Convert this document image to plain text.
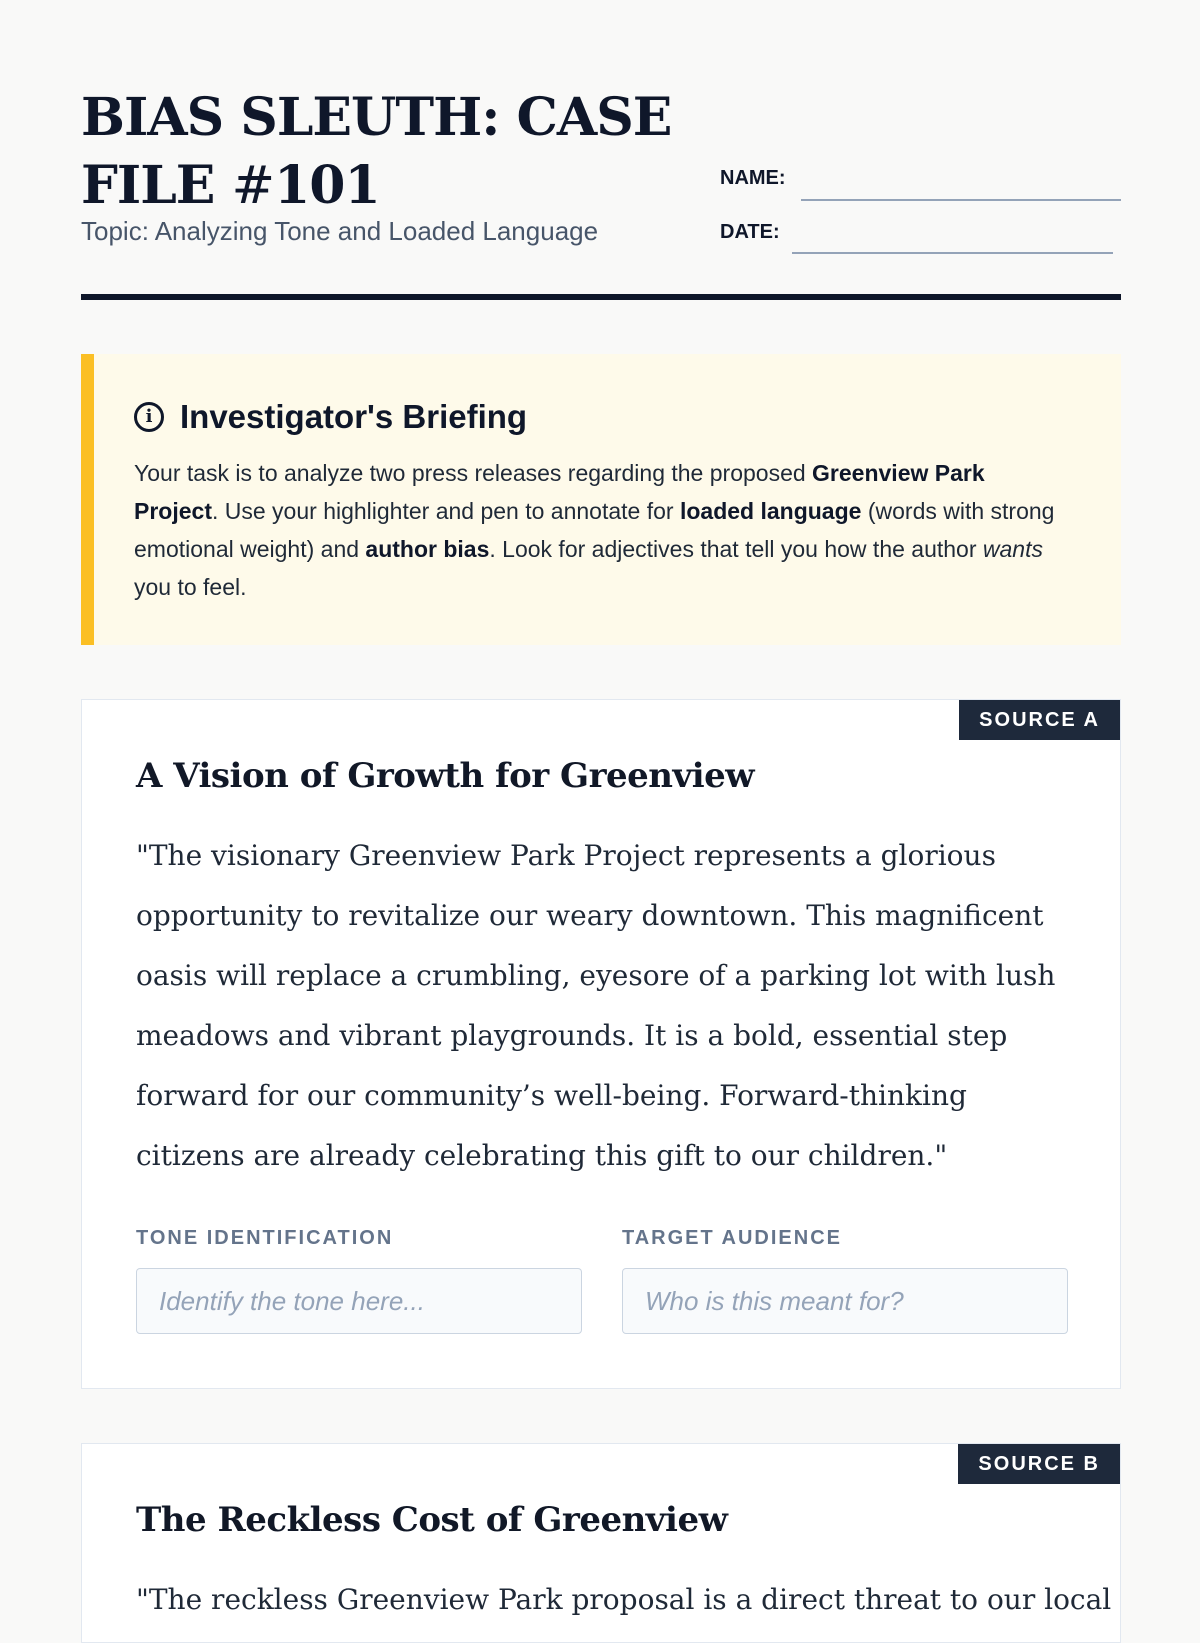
BIAS SLEUTH: CASE
FILE #101
Topic: Analyzing Tone and Loaded Language
NAME:
DATE:
i Investigator's Briefing

Your task is to analyze two press releases regarding the proposed Greenview Park Project. Use your highlighter and pen to annotate for loaded language (words with strong emotional weight) and author bias. Look for adjectives that tell you how the author wants you to feel.

SOURCE A
A Vision of Growth for Greenview

"The visionary Greenview Park Project represents a glorious opportunity to revitalize our weary downtown. This magnificent oasis will replace a crumbling, eyesore of a parking lot with lush meadows and vibrant playgrounds. It is a bold, essential step forward for our community’s well-being. Forward-thinking citizens are already celebrating this gift to our children."

TONE IDENTIFICATION
Identify the tone here...	TARGET AUDIENCE
Who is this meant for?
SOURCE B
The Reckless Cost of Greenview

"The reckless Greenview Park proposal is a direct threat to our local
